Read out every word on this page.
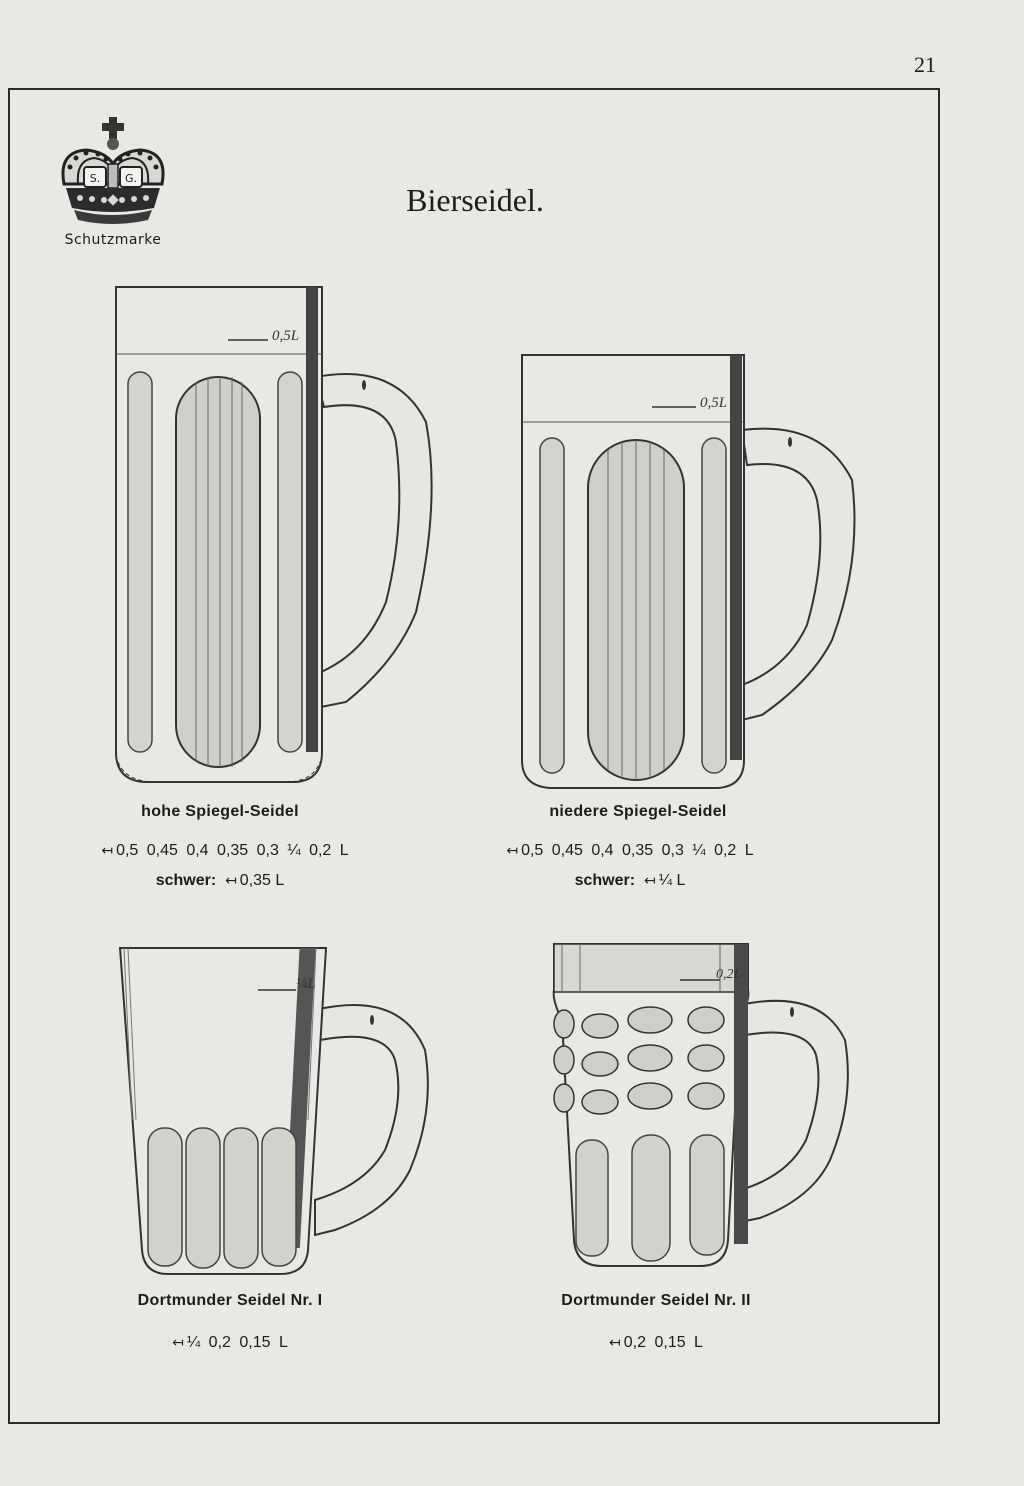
21
S. G.
Schutzmarke
Bierseidel.
0,5L
hohe Spiegel-Seidel
↤ 0,5 0,45 0,4 0,35 0,3 ¼ 0,2 L
schwer: ↤ 0,35 L
0,5L
niedere Spiegel-Seidel
↤ 0,5 0,45 0,4 0,35 0,3 ¼ 0,2 L
schwer: ↤ ¼ L
¼L
Dortmunder Seidel Nr. I
↤ ¼ 0,2 0,15 L
0,2L
Dortmunder Seidel Nr. II
↤ 0,2 0,15 L
